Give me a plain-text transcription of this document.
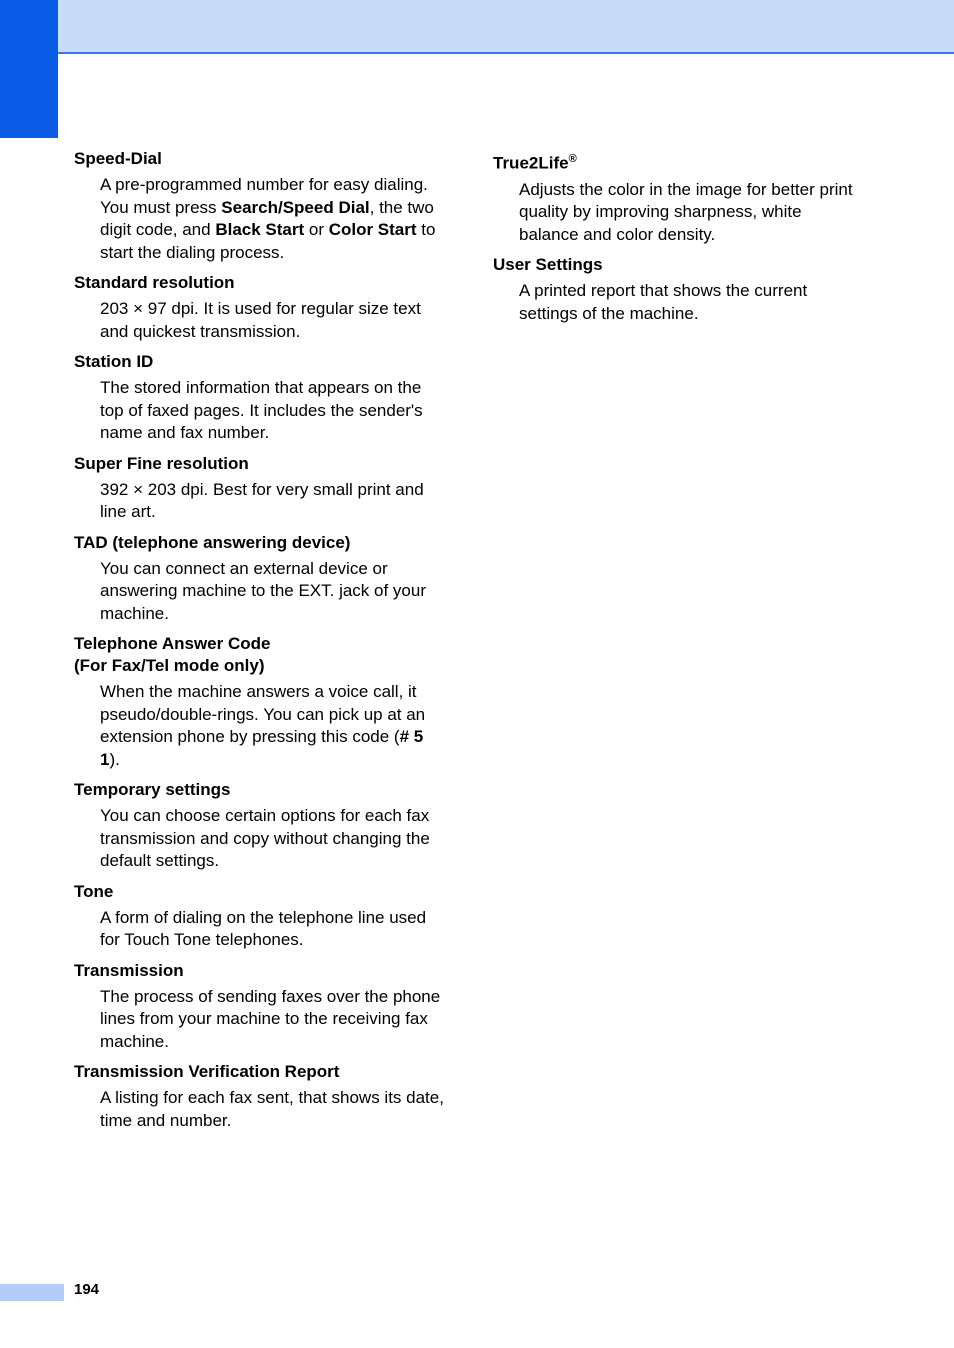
Speed-Dial

A pre-programmed number for easy dialing. You must press Search/Speed Dial, the two digit code, and Black Start or Color Start to start the dialing process.

Standard resolution

203 × 97 dpi. It is used for regular size text and quickest transmission.

Station ID

The stored information that appears on the top of faxed pages. It includes the sender's name and fax number.

Super Fine resolution

392 × 203 dpi. Best for very small print and line art.

TAD (telephone answering device)

You can connect an external device or answering machine to the EXT. jack of your machine.

Telephone Answer Code
(For Fax/Tel mode only)

When the machine answers a voice call, it pseudo/double-rings. You can pick up at an extension phone by pressing this code (# 5 1).

Temporary settings

You can choose certain options for each fax transmission and copy without changing the default settings.

Tone

A form of dialing on the telephone line used for Touch Tone telephones.

Transmission

The process of sending faxes over the phone lines from your machine to the receiving fax machine.

Transmission Verification Report

A listing for each fax sent, that shows its date, time and number.

True2Life®

Adjusts the color in the image for better print quality by improving sharpness, white balance and color density.

User Settings

A printed report that shows the current settings of the machine.

194
